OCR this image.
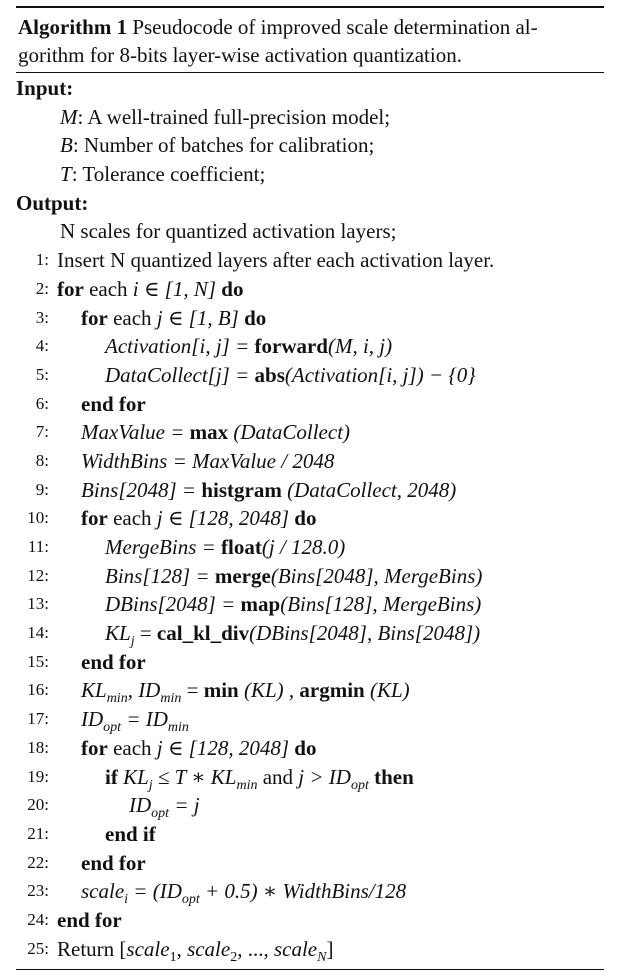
Algorithm 1 Pseudocode of improved scale determination al-
gorithm for 8-bits layer-wise activation quantization.
Input:
M: A well-trained full-precision model;
B: Number of batches for calibration;
T: Tolerance coefficient;
Output:
N scales for quantized activation layers;
1: Insert N quantized layers after each activation layer.
2: for each i ∈ [1, N] do
3:	for each j ∈ [1, B] do
4:	Activation[i, j] = forward(M, i, j)
5:	DataCollect[j] = abs(Activation[i, j]) − {0}
6:	end for
7:	MaxValue = max (DataCollect)
8:	WidthBins = MaxValue / 2048
9:	Bins[2048] = histgram (DataCollect, 2048)
10:	for each j ∈ [128, 2048] do
11:	MergeBins = float(j / 128.0)
12:	Bins[128] = merge(Bins[2048], MergeBins)
13:	DBins[2048] = map(Bins[128], MergeBins)
14:	$KL_j$ = cal_kl_div(DBins[2048], Bins[2048])
15:	end for
16:	$KL_{min}$, $ID_{min} = \min (KL)$ , argmin (KL)
17:	$ID_{opt} = ID_{min}$
18:	for each j ∈ [128, 2048] do
19:	if $KL_j \le T$ ∗ $KL_{min}$ and $j > ID_{opt}$ then
20:	$ID_{opt} = j$
21:	end if
22:	end for
23:	scale$_i$ = $(ID_{opt} + 0.5)$ ∗ WidthBins/128
24: end for
25: Return [scale$_1$, scale$_2$, ..., scale$_N$]
